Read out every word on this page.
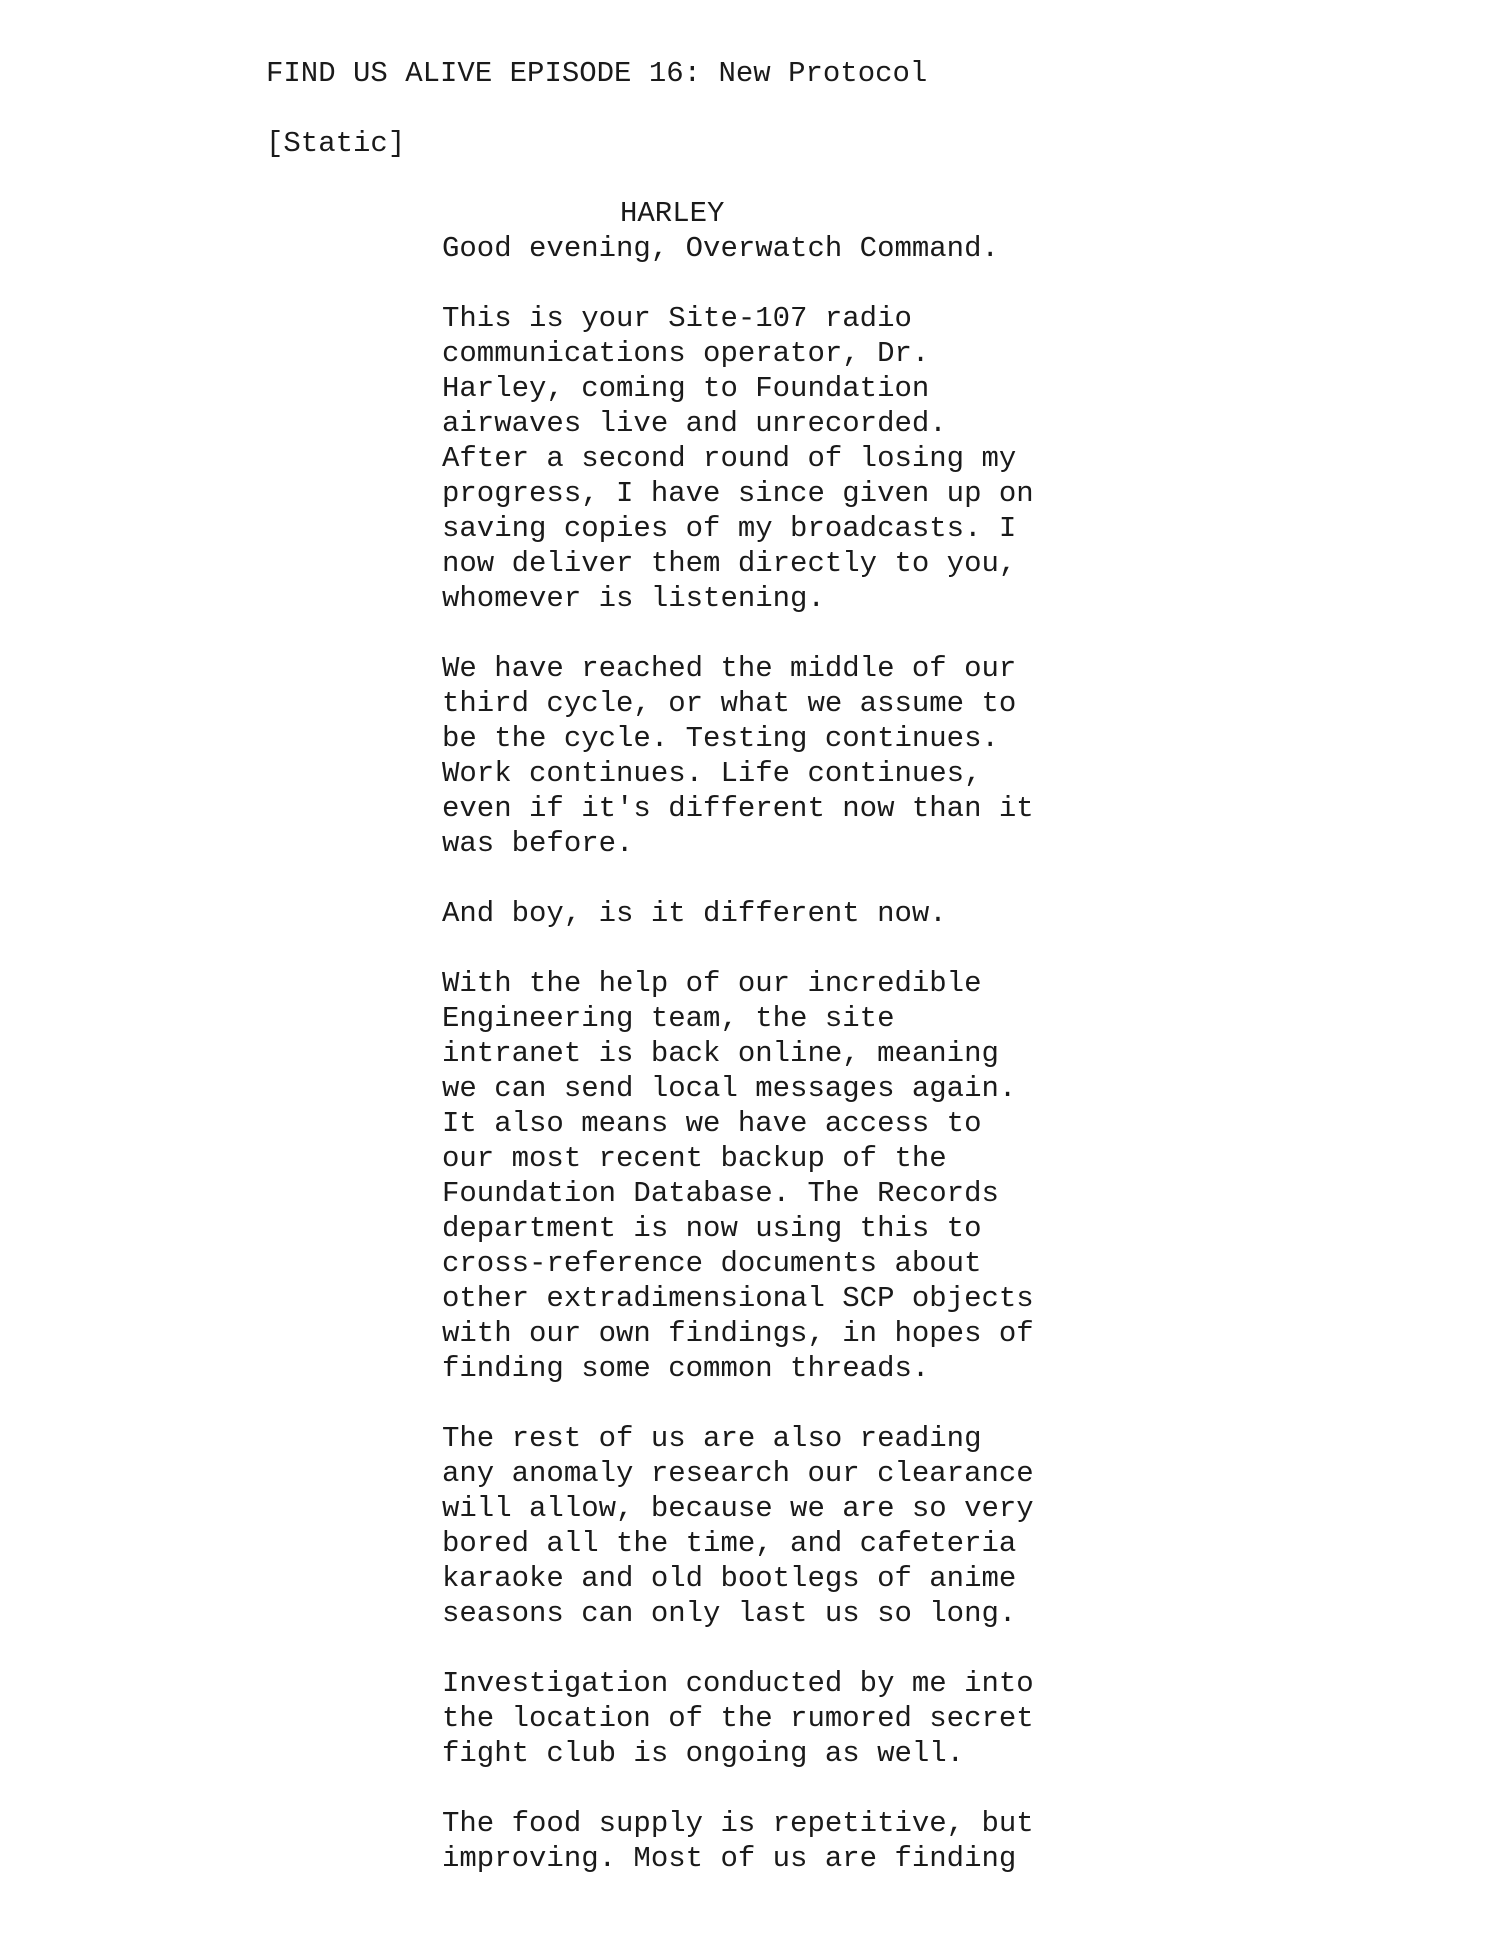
FIND US ALIVE EPISODE 16: New Protocol
[Static]
HARLEY

Good evening, Overwatch Command.

This is your Site-107 radio
communications operator, Dr.
Harley, coming to Foundation
airwaves live and unrecorded.
After a second round of losing my
progress, I have since given up on
saving copies of my broadcasts. I
now deliver them directly to you,
whomever is listening.

We have reached the middle of our
third cycle, or what we assume to
be the cycle. Testing continues.
Work continues. Life continues,
even if it's different now than it
was before.

And boy, is it different now.

With the help of our incredible
Engineering team, the site
intranet is back online, meaning
we can send local messages again.
It also means we have access to
our most recent backup of the
Foundation Database. The Records
department is now using this to
cross-reference documents about
other extradimensional SCP objects
with our own findings, in hopes of
finding some common threads.

The rest of us are also reading
any anomaly research our clearance
will allow, because we are so very
bored all the time, and cafeteria
karaoke and old bootlegs of anime
seasons can only last us so long.

Investigation conducted by me into
the location of the rumored secret
fight club is ongoing as well.

The food supply is repetitive, but
improving. Most of us are finding
